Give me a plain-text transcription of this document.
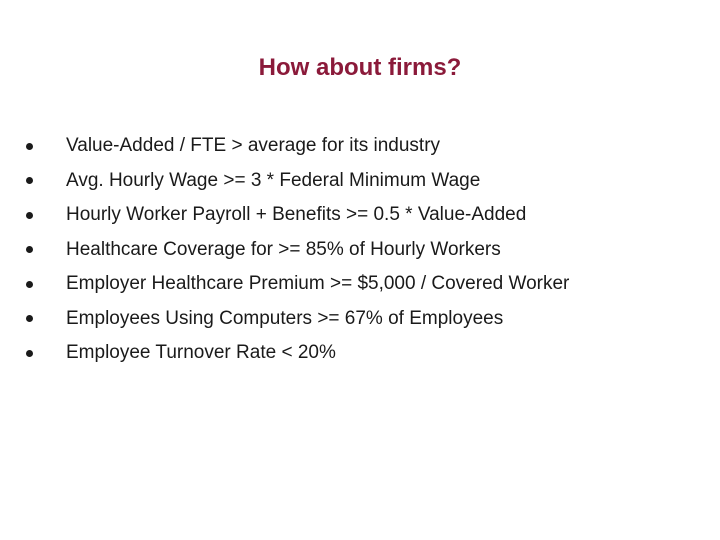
How about firms?
Value-Added / FTE > average for its industry
Avg. Hourly Wage >= 3 * Federal Minimum Wage
Hourly Worker Payroll + Benefits >= 0.5 * Value-Added
Healthcare Coverage for >= 85% of Hourly Workers
Employer Healthcare Premium >= $5,000 / Covered Worker
Employees Using Computers >= 67% of Employees
Employee Turnover Rate < 20%
